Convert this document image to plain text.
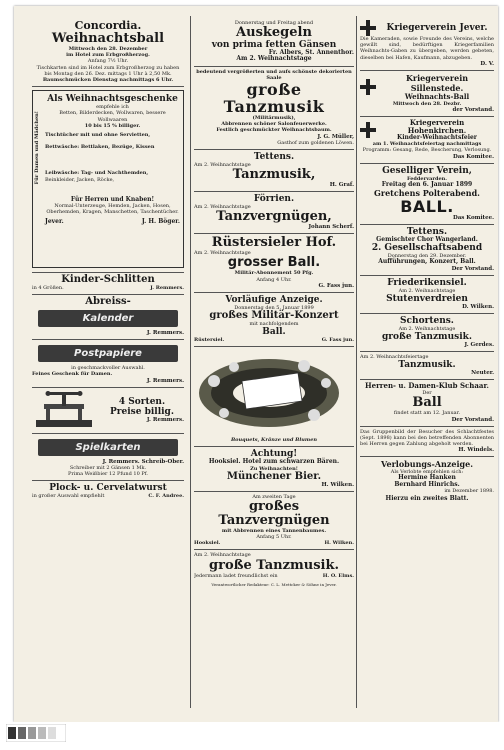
Concordia.

Weihnachtsball

Mittwoch den 28. Dezember

im Hotel zum Erbgroßherzog.

Anfang 7½ Uhr.

Tischkarten sind im Hotel zum Erbgroßherzog zu haben

bis Montag den 26. Dez. mittags 1 Uhr à 2,50 Mk.

Baumschmücken Dienstag nachmittags 6 Uhr.

Für Damen und Mädchen!

Als Weihnachtsgeschenke

empfehle ich

Betten, Bilderdecken, Wollwaren, bessere Wollwaaren

10 bis 15 % billiger.

Tischtücher mit und ohne Servietten,

Bettwäsche: Bettlaken, Bezüge, Kissen

Leibwäsche: Tag- und Nachthemden,

Beinkleider, Jacken, Röcke,

Für Herren und Knaben!

Normal-Unterzeuge, Hemden, Jacken, Hosen, Oberhemden, Kragen, Manschetten, Taschentücher.

Jever.	J. H. Böger.

Kinder-Schlitten

in 4 Größen.	J. Remmers.

Abreiss-

Kalender

J. Remmers.

Postpapiere

in geschmackvoller Auswahl.

Feines Geschenk für Damen.

J. Remmers.

4 Sorten.

Preise billig.

J. Remmers.

Spielkarten

J. Remmers. Schreib-Ober.

Schreiber mit 2 Gänsen 1 Mk.

Prima Weißbier 12 Pfund 10 Pf.

Plock- u. Cervelatwurst

in großer Auswahl empfiehlt	C. F. Andree.

Donnerstag und Freitag abend

Auskegeln

von prima fetten Gänsen

Fr. Albers, St. Annenthor.

Am 2. Weihnachtstage

bedeutend vergrößerten und aufs schönste dekorierten Saale

große Tanzmusik

(Militärmusik),

Abbrennen schöner Salonfeuerwerke.

Festlich geschmückter Weihnachtsbaum.

J. G. Müller,

Gasthof zum goldenen Löwen.

Tettens.

Am 2. Weihnachtstage

Tanzmusik,

H. Graf.

Förrien.

Am 2. Weihnachtstage

Tanzvergnügen,

Johann Scherf.

Rüstersieler Hof.

Am 2. Weihnachtstage

grosser Ball.

Militär-Abonnement 50 Pfg.

Anfang 4 Uhr.

G. Fass jun.

Vorläufige Anzeige.

Donnerstag den 5. Januar 1899

großes Militär-Konzert

mit nachfolgendem

Ball.

Rüstersiel.	G. Fass jun.

Bouquets, Kränze und Blumen

Achtung!

Hooksiel. Hotel zum schwarzen Bären.

Zu Weihnachten!

Münchener Bier.

H. Wilken.

Am zweiten Tage

großes Tanzvergnügen

mit Abbrennen eines Tannenbaumes.

Anfang 5 Uhr.

Hooksiel.	H. Wilken.

Am 2. Weihnachtstage

große Tanzmusik.

Jedermann ladet freundlichst ein	H. O. Elms.

Verantwortlicher Redakteur: C. L. Mettcker & Söhne in Jever.

Kriegerverein Jever.

Die Kameraden, sowie Freunde des Vereins, welche gewillt sind, bedürftigen Kriegerfamilien Weihnachts-Gaben zu übergeben, werden gebeten, dieselben bei Hafen, Kaufmann, abzugeben.

D. V.

Kriegerverein Sillenstede.

Weihnachts-Ball

Mittwoch den 28. Dezbr.

der Vorstand.

Kriegerverein Hohenkirchen.

Kinder-Weihnachtsfeier

am 1. Weihnachtsfeiertag nachmittags

Programm: Gesang, Rede, Bescherung, Verlosung.

Das Komitee.

Geselliger Verein,

Feddervarden.

Freitag den 6. Januar 1899

Gretchens Polterabend.

BALL.

Das Komitee.

Tettens.

Gemischter Chor Wangerland.

2. Gesellschaftsabend

Donnerstag den 29. Dezember.

Aufführungen, Konzert, Ball.

Der Vorstand.

Friederikensiel.

Am 2. Weihnachtstage

Stutenverdreien

D. Wilken.

Schortens.

Am 2. Weihnachtstage

große Tanzmusik.

J. Gerdes.

Am 2. Weihnachtsfeiertage

Tanzmusik.

Neuter.

Herren- u. Damen-Klub Schaar.

Der

Ball

findet statt am 12. Januar.

Der Vorstand.

Das Gruppenbild der Besucher des Schlachtfestes (Sept. 1898) kann bei den betreffenden Abonnenten bei Herren gegen Zahlung abgeholt werden.

H. Windels.

Verlobungs-Anzeige.

Als Verlobte empfehlen sich:

Hermine Hanken

Bernhard Hinrichs.

im Dezember 1898.

Hierzu ein zweites Blatt.
